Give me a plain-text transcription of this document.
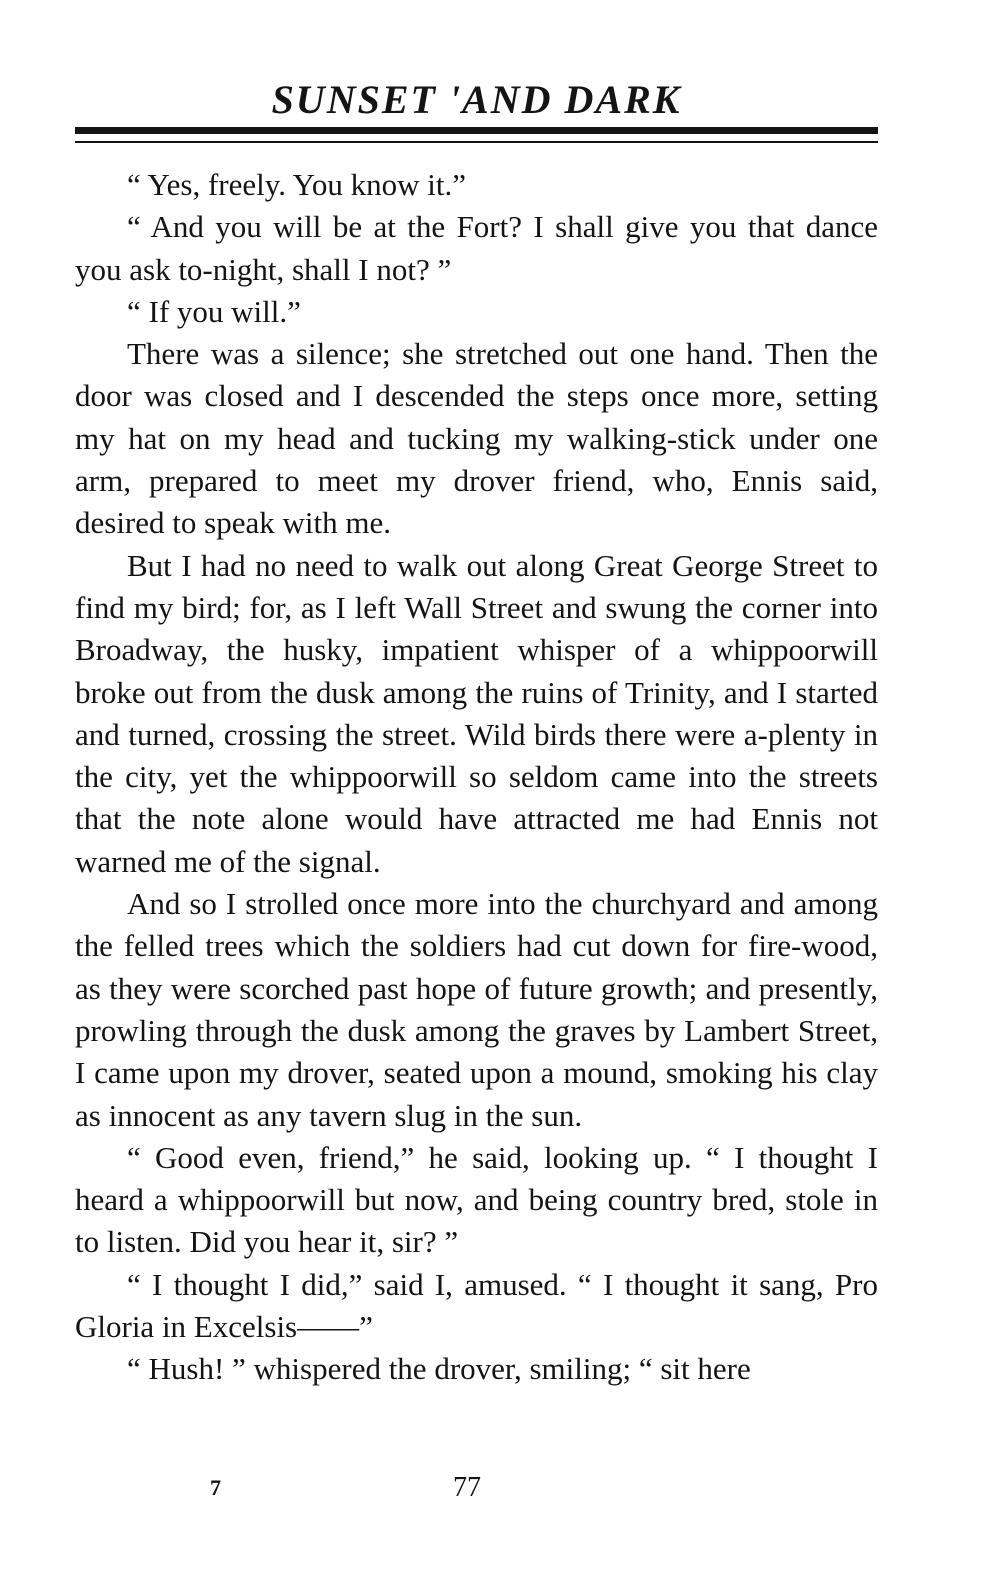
SUNSET 'AND DARK

“ Yes, freely. You know it.”

“ And you will be at the Fort? I shall give you that dance you ask to-night, shall I not? ”

“ If you will.”

There was a silence; she stretched out one hand. Then the door was closed and I descended the steps once more, setting my hat on my head and tucking my walking-stick under one arm, prepared to meet my drover friend, who, Ennis said, desired to speak with me.

But I had no need to walk out along Great George Street to find my bird; for, as I left Wall Street and swung the corner into Broadway, the husky, impatient whisper of a whippoorwill broke out from the dusk among the ruins of Trinity, and I started and turned, crossing the street. Wild birds there were a-plenty in the city, yet the whippoorwill so seldom came into the streets that the note alone would have attracted me had Ennis not warned me of the signal.

And so I strolled once more into the churchyard and among the felled trees which the soldiers had cut down for fire-wood, as they were scorched past hope of future growth; and presently, prowling through the dusk among the graves by Lambert Street, I came upon my drover, seated upon a mound, smoking his clay as innocent as any tavern slug in the sun.

“ Good even, friend,” he said, looking up. “ I thought I heard a whippoorwill but now, and being country bred, stole in to listen. Did you hear it, sir? ”

“ I thought I did,” said I, amused. “ I thought it sang, Pro Gloria in Excelsis——”

“ Hush! ” whispered the drover, smiling; “ sit here

7	77
